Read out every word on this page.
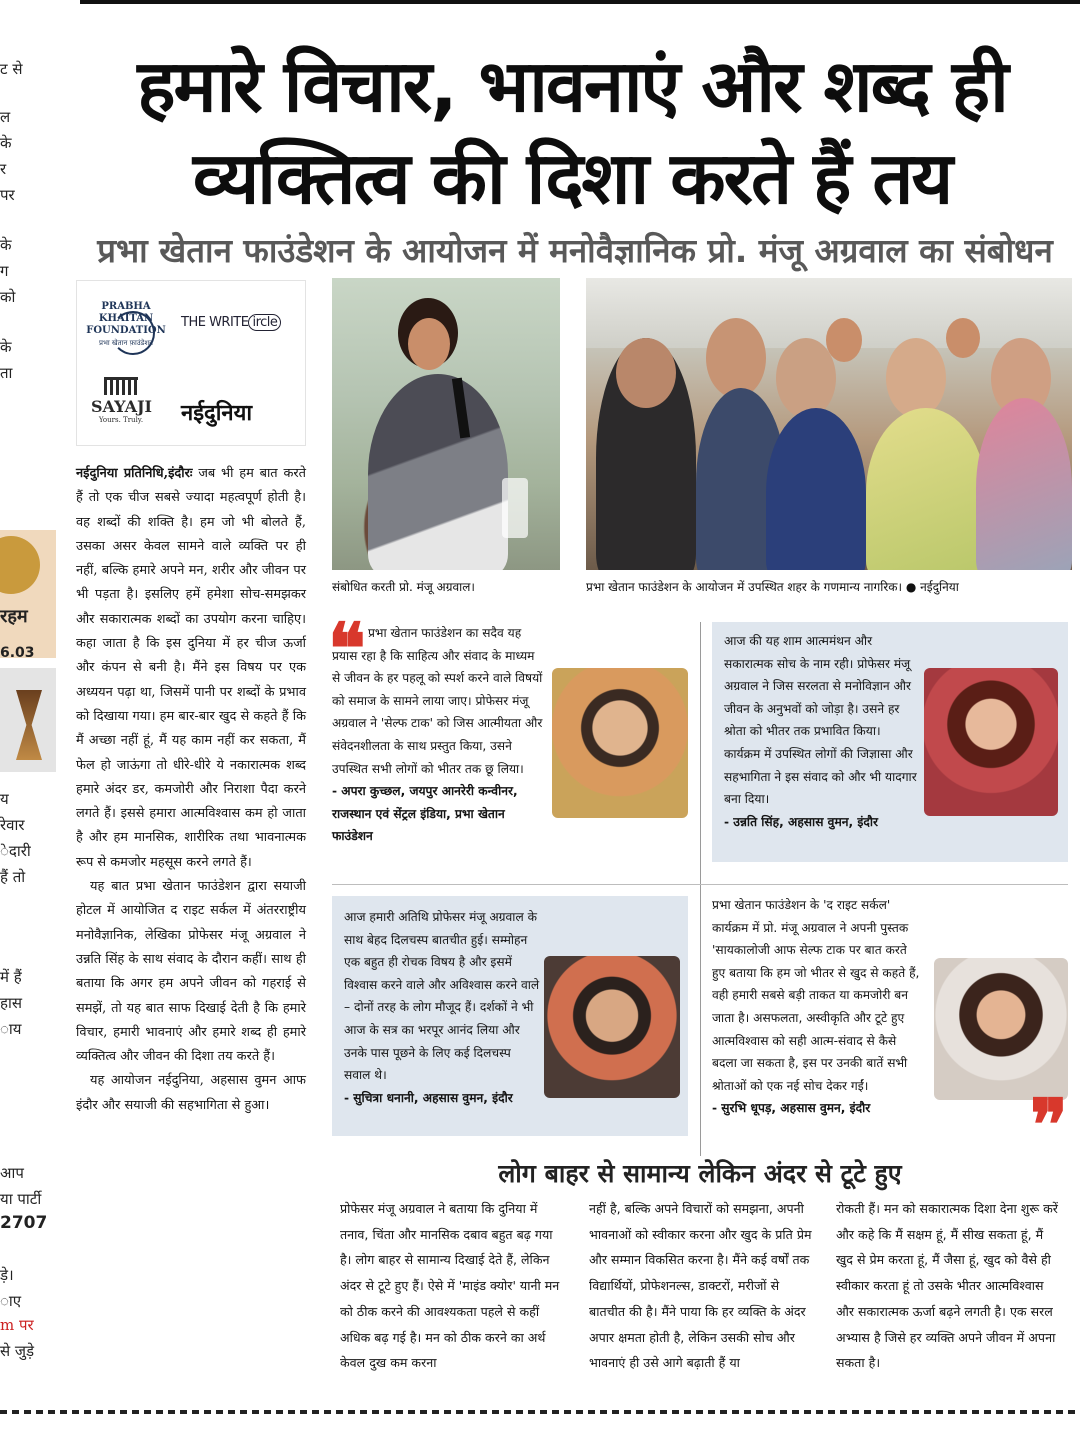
ट से
ल
के
र
पर
के
ग
को
के
ता
रहम
6.03
य
रेवार
ेदारी
हैं तो
में हैं
हास
ाय
आप
या पार्टी
2707
ड़े।
ाए
m पर
से जुड़े
हमारे विचार, भावनाएं और शब्द ही
व्यक्तित्व की दिशा करते हैं तय
प्रभा खेतान फाउंडेशन के आयोजन में मनोवैज्ञानिक प्रो. मंजू अग्रवाल का संबोधन
PRABHA
KHAITAN
FOUNDATION
प्रभा खेतान फ़ाउंडेशन
THE WRITE ircle
SAYAJI
Yours. Truly.	नईदुनिया
संबोधित करती प्रो. मंजू अग्रवाल।	प्रभा खेतान फाउंडेशन के आयोजन में उपस्थित शहर के गणमान्य नागरिक। ● नईदुनिया

नईदुनिया प्रतिनिधि,इंदौरः जब भी हम बात करते हैं तो एक चीज सबसे ज्यादा महत्वपूर्ण होती है। वह शब्दों की शक्ति है। हम जो भी बोलते हैं, उसका असर केवल सामने वाले व्यक्ति पर ही नहीं, बल्कि हमारे अपने मन, शरीर और जीवन पर भी पड़ता है। इसलिए हमें हमेशा सोच-समझकर और सकारात्मक शब्दों का उपयोग करना चाहिए। कहा जाता है कि इस दुनिया में हर चीज ऊर्जा और कंपन से बनी है। मैंने इस विषय पर एक अध्ययन पढ़ा था, जिसमें पानी पर शब्दों के प्रभाव को दिखाया गया। हम बार-बार खुद से कहते हैं कि मैं अच्छा नहीं हूं, मैं यह काम नहीं कर सकता, मैं फेल हो जाऊंगा तो धीरे-धीरे ये नकारात्मक शब्द हमारे अंदर डर, कमजोरी और निराशा पैदा करने लगते हैं। इससे हमारा आत्मविश्वास कम हो जाता है और हम मानसिक, शारीरिक तथा भावनात्मक रूप से कमजोर महसूस करने लगते हैं।

यह बात प्रभा खेतान फाउंडेशन द्वारा सयाजी होटल में आयोजित द राइट सर्कल में अंतरराष्ट्रीय मनोवैज्ञानिक, लेखिका प्रोफेसर मंजू अग्रवाल ने उन्नति सिंह के साथ संवाद के दौरान कहीं। साथ ही बताया कि अगर हम अपने जीवन को गहराई से समझें, तो यह बात साफ दिखाई देती है कि हमारे विचार, हमारी भावनाएं और हमारे शब्द ही हमारे व्यक्तित्व और जीवन की दिशा तय करते हैं।

यह आयोजन नईदुनिया, अहसास वुमन आफ इंदौर और सयाजी की सहभागिता से हुआ।

❝ प्रभा खेतान फाउंडेशन का सदैव यह प्रयास रहा है कि साहित्य और संवाद के माध्यम से जीवन के हर पहलू को स्पर्श करने वाले विषयों को समाज के सामने लाया जाए। प्रोफेसर मंजू अग्रवाल ने 'सेल्फ टाक' को जिस आत्मीयता और संवेदनशीलता के साथ प्रस्तुत किया, उसने उपस्थित सभी लोगों को भीतर तक छू लिया।

- अपरा कुच्छल, जयपुर आनरेरी कन्वीनर, राजस्थान एवं सेंट्रल इंडिया, प्रभा खेतान फाउंडेशन

आज की यह शाम आत्ममंथन और सकारात्मक सोच के नाम रही। प्रोफेसर मंजू अग्रवाल ने जिस सरलता से मनोविज्ञान और जीवन के अनुभवों को जोड़ा है। उसने हर श्रोता को भीतर तक प्रभावित किया। कार्यक्रम में उपस्थित लोगों की जिज्ञासा और सहभागिता ने इस संवाद को और भी यादगार बना दिया।

- उन्नति सिंह, अहसास वुमन, इंदौर

आज हमारी अतिथि प्रोफेसर मंजू अग्रवाल के साथ बेहद दिलचस्प बातचीत हुई। सम्मोहन एक बहुत ही रोचक विषय है और इसमें विश्वास करने वाले और अविश्वास करने वाले – दोनों तरह के लोग मौजूद हैं। दर्शकों ने भी आज के सत्र का भरपूर आनंद लिया और उनके पास पूछने के लिए कई दिलचस्प सवाल थे।

- सुचित्रा धनानी, अहसास वुमन, इंदौर

प्रभा खेतान फाउंडेशन के 'द राइट सर्कल' कार्यक्रम में प्रो. मंजू अग्रवाल ने अपनी पुस्तक 'सायकालोजी आफ सेल्फ टाक पर बात करते हुए बताया कि हम जो भीतर से खुद से कहते हैं, वही हमारी सबसे बड़ी ताकत या कमजोरी बन जाता है। असफलता, अस्वीकृति और टूटे हुए आत्मविश्वास को सही आत्म-संवाद से कैसे बदला जा सकता है, इस पर उनकी बातें सभी श्रोताओं को एक नई सोच देकर गईं।

- सुरभि धूपड़, अहसास वुमन, इंदौर	❞
लोग बाहर से सामान्य लेकिन अंदर से टूटे हुए
प्रोफेसर मंजू अग्रवाल ने बताया कि दुनिया में तनाव, चिंता और मानसिक दबाव बहुत बढ़ गया है। लोग बाहर से सामान्य दिखाई देते हैं, लेकिन अंदर से टूटे हुए हैं। ऐसे में 'माइंड क्योर' यानी मन को ठीक करने की आवश्यकता पहले से कहीं अधिक बढ़ गई है। मन को ठीक करने का अर्थ केवल दुख कम करना
नहीं है, बल्कि अपने विचारों को समझना, अपनी भावनाओं को स्वीकार करना और खुद के प्रति प्रेम और सम्मान विकसित करना है। मैंने कई वर्षों तक विद्यार्थियों, प्रोफेशनल्स, डाक्टरों, मरीजों से बातचीत की है। मैंने पाया कि हर व्यक्ति के अंदर अपार क्षमता होती है, लेकिन उसकी सोच और भावनाएं ही उसे आगे बढ़ाती हैं या
रोकती हैं। मन को सकारात्मक दिशा देना शुरू करें और कहे कि मैं सक्षम हूं, मैं सीख सकता हूं, मैं खुद से प्रेम करता हूं, मैं जैसा हूं, खुद को वैसे ही स्वीकार करता हूं तो उसके भीतर आत्मविश्वास और सकारात्मक ऊर्जा बढ़ने लगती है। एक सरल अभ्यास है जिसे हर व्यक्ति अपने जीवन में अपना सकता है।
